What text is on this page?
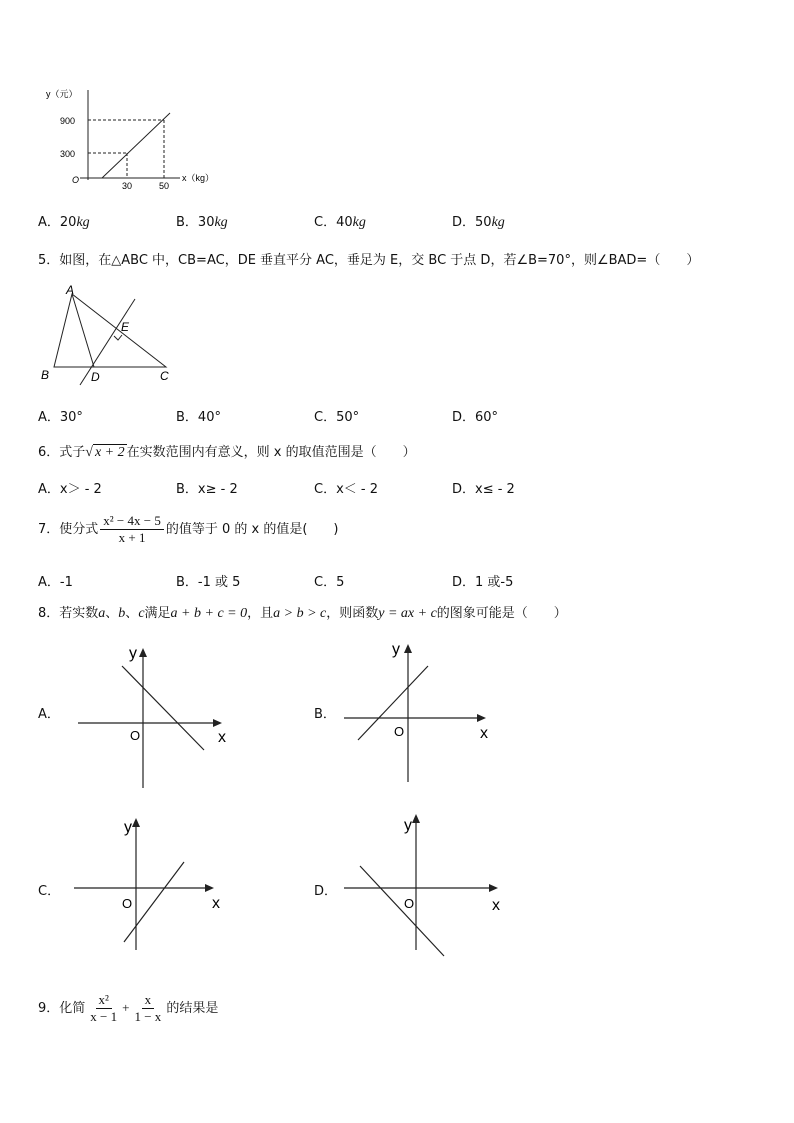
y（元）
x（kg）
900
300
O
30	50
A．20kg	B．30kg	C．40kg	D．50kg
5．如图，在△ABC 中，CB=AC，DE 垂直平分 AC，垂足为 E，交 BC 于点 D，若∠B=70°，则∠BAD=（　　）
A
B	C
D
E
A．30°	B．40°	C．50°	D．60°
6．式子√ x + 2 在实数范围内有意义，则 x 的取值范围是（　　）
A．x＞ - 2	B．x≥ - 2	C．x＜ - 2	D．x≤ - 2
7．使分式 $\frac{\text{x² − 4x − 5}}{x + 1}$ 的值等于 0 的 x 的值是(　　)
A．-1	B．-1 或 5	C．5	D．1 或-5
8．若实数a、b、c满足a + b + c = 0，且a > b > c，则函数y = ax + c的图象可能是（　　）
A．	B．
C．	D．
y
x
O
y
x
O
y
x
O
y
x
O
9．化简 $\frac{\text{x²}}{x - 1} + \frac{x}{1 - x}$ 的结果是
